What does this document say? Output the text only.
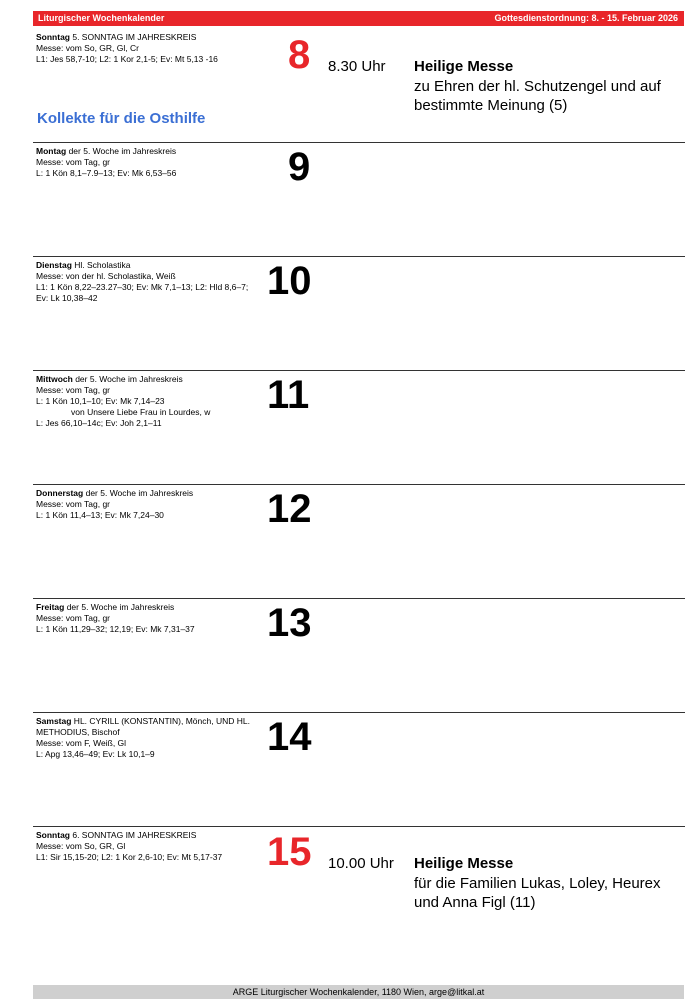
Liturgischer Wochenkalender	Gottesdienstordnung: 8. - 15. Februar 2026
Sonntag 5. SONNTAG IM JAHRESKREIS
Messe: vom So, GR, Gl, Cr
L1: Jes 58,7-10; L2: 1 Kor 2,1-5; Ev: Mt 5,13 -16
Kollekte für die Osthilfe
8 8.30 Uhr Heilige Messe
zu Ehren der hl. Schutzengel und auf bestimmte Meinung (5)
Montag der 5. Woche im Jahreskreis
Messe: vom Tag, gr
L: 1 Kön 8,1–7.9–13; Ev: Mk 6,53–56	9
Dienstag Hl. Scholastika
Messe: von der hl. Scholastika, Weiß
L1: 1 Kön 8,22–23.27–30; Ev: Mk 7,1–13; L2: Hld 8,6–7; Ev: Lk 10,38–42	10
Mittwoch der 5. Woche im Jahreskreis
Messe: vom Tag, gr
L: 1 Kön 10,1–10; Ev: Mk 7,14–23
von Unsere Liebe Frau in Lourdes, w
L: Jes 66,10–14c; Ev: Joh 2,1–11
11
Donnerstag der 5. Woche im Jahreskreis
Messe: vom Tag, gr
L: 1 Kön 11,4–13; Ev: Mk 7,24–30	12
Freitag der 5. Woche im Jahreskreis
Messe: vom Tag, gr
L: 1 Kön 11,29–32; 12,19; Ev: Mk 7,31–37	13
Samstag HL. CYRILL (KONSTANTIN), Mönch, UND HL. METHODIUS, Bischof
Messe: vom F, Weiß, Gl
L: Apg 13,46–49; Ev: Lk 10,1–9	14
Sonntag 6. SONNTAG IM JAHRESKREIS
Messe: vom So, GR, Gl
L1: Sir 15,15-20; L2: 1 Kor 2,6-10; Ev: Mt 5,17-37	15 10.00 Uhr Heilige Messe
für die Familien Lukas, Loley, Heurex und Anna Figl (11)
ARGE Liturgischer Wochenkalender, 1180 Wien, arge@litkal.at
